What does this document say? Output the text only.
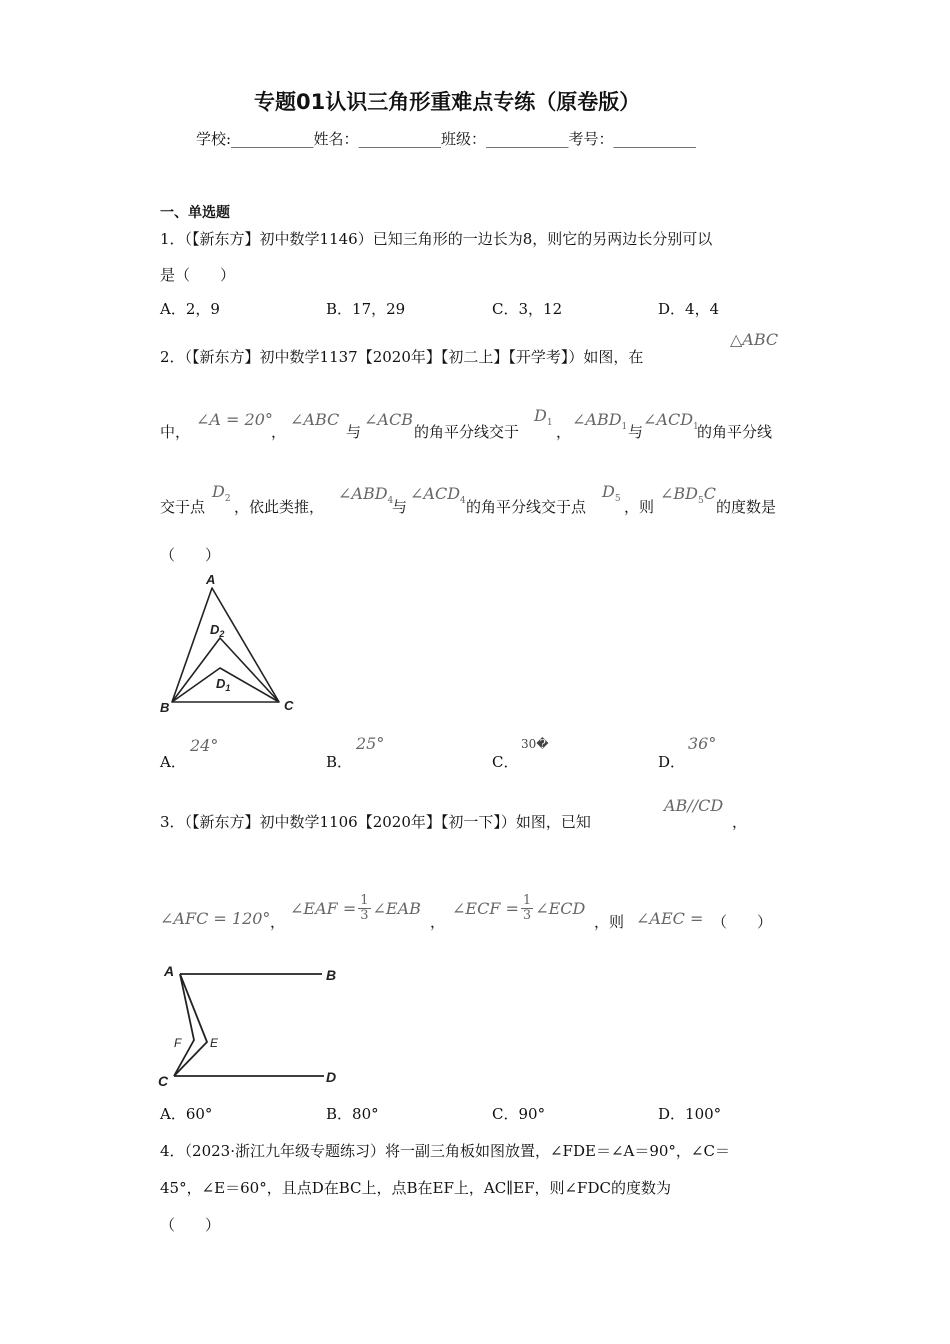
专题01认识三角形重难点专练（原卷版）
学校:___________姓名：___________班级：___________考号：___________
一、单选题
1．（【新东方】初中数学1146）已知三角形的一边长为8，则它的另两边长分别可以
是（　　）
A．2，9	B．17，29	C．3，12	D．4，4
2．（【新东方】初中数学1137【2020年】【初二上】【开学考】）如图，在
△ABC
中，
∠A = 20°
，
∠ABC
与
∠ACB
的角平分线交于
$D_1$ ，
$\angle ABD_1$ 与
$\angle ACD_1$
的角平分线
交于点
$D_2$ ，依此类推，
$\angle ABD_4$
与
$\angle ACD_4$ 的角平分线交于点
$D_5$ ，则
$\angle BD_5C$
的度数是
（　　）
A
B	C
$D_2$
$D_1$
A．
24°
B．
25°
C．
30�
D．
36°
3．（【新东方】初中数学1106【2020年】【初一下】）如图，已知
AB//CD
，
∠AFC = 120° ，
∠EAF = $\frac{1}{3}$ ∠EAB
，
∠ECF = $\frac{1}{3}$ ∠ECD
，则 ∠AEC = （　　）
A	B
C	D
F E
A．60°	B．80°	C．90°	D．100°
4．（2023·浙江九年级专题练习）将一副三角板如图放置，∠FDE＝∠A＝90°，∠C＝
45°，∠E＝60°，且点D在BC上，点B在EF上，AC∥EF，则∠FDC的度数为
（　　）
